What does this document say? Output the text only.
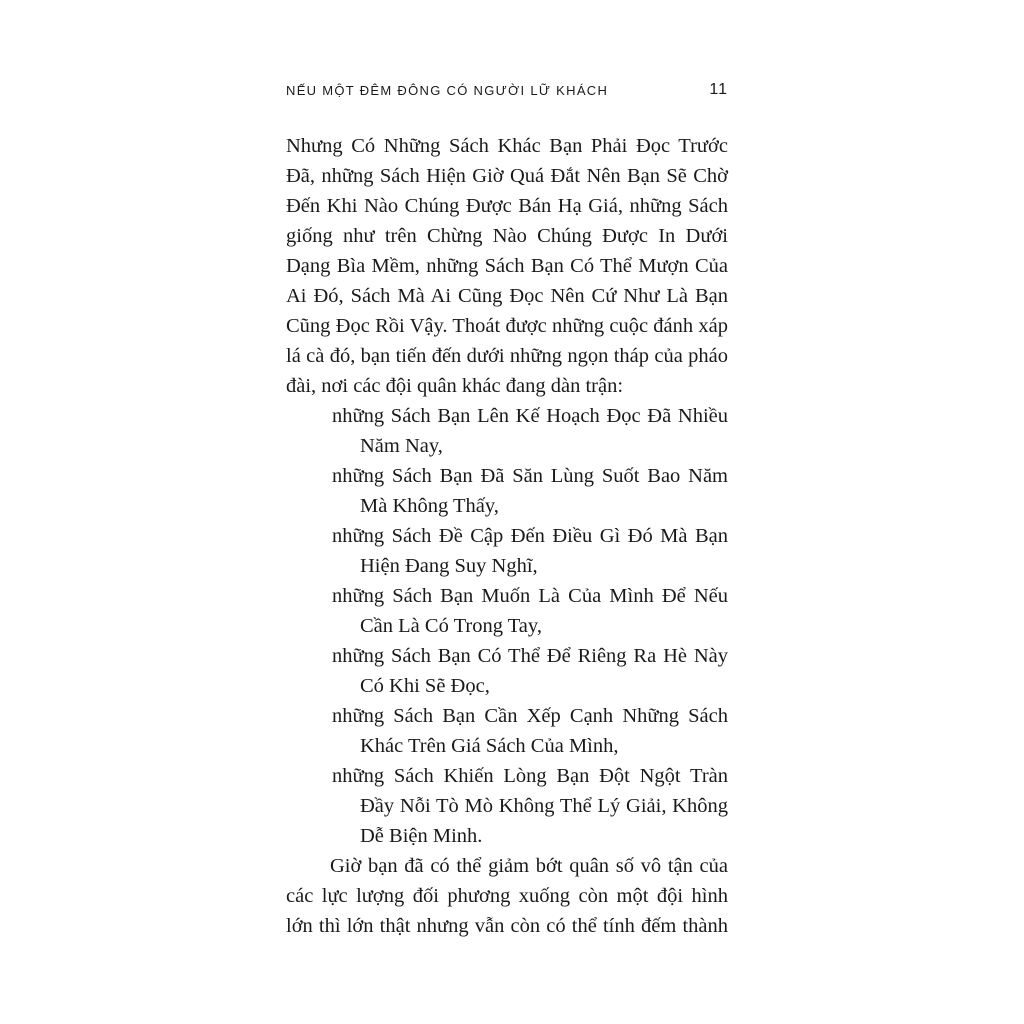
NẾU MỘT ĐÊM ĐÔNG CÓ NGƯỜI LỮ KHÁCH	11

Nhưng Có Những Sách Khác Bạn Phải Đọc Trước Đã, những Sách Hiện Giờ Quá Đắt Nên Bạn Sẽ Chờ Đến Khi Nào Chúng Được Bán Hạ Giá, những Sách giống như trên Chừng Nào Chúng Được In Dưới Dạng Bìa Mềm, những Sách Bạn Có Thể Mượn Của Ai Đó, Sách Mà Ai Cũng Đọc Nên Cứ Như Là Bạn Cũng Đọc Rồi Vậy. Thoát được những cuộc đánh xáp lá cà đó, bạn tiến đến dưới những ngọn tháp của pháo đài, nơi các đội quân khác đang dàn trận:

những Sách Bạn Lên Kế Hoạch Đọc Đã Nhiều Năm Nay,

những Sách Bạn Đã Săn Lùng Suốt Bao Năm Mà Không Thấy,

những Sách Đề Cập Đến Điều Gì Đó Mà Bạn Hiện Đang Suy Nghĩ,

những Sách Bạn Muốn Là Của Mình Để Nếu Cần Là Có Trong Tay,

những Sách Bạn Có Thể Để Riêng Ra Hè Này Có Khi Sẽ Đọc,

những Sách Bạn Cần Xếp Cạnh Những Sách Khác Trên Giá Sách Của Mình,

những Sách Khiến Lòng Bạn Đột Ngột Tràn Đầy Nỗi Tò Mò Không Thể Lý Giải, Không Dễ Biện Minh.

Giờ bạn đã có thể giảm bớt quân số vô tận của các lực lượng đối phương xuống còn một đội hình lớn thì lớn thật nhưng vẫn còn có thể tính đếm thành
